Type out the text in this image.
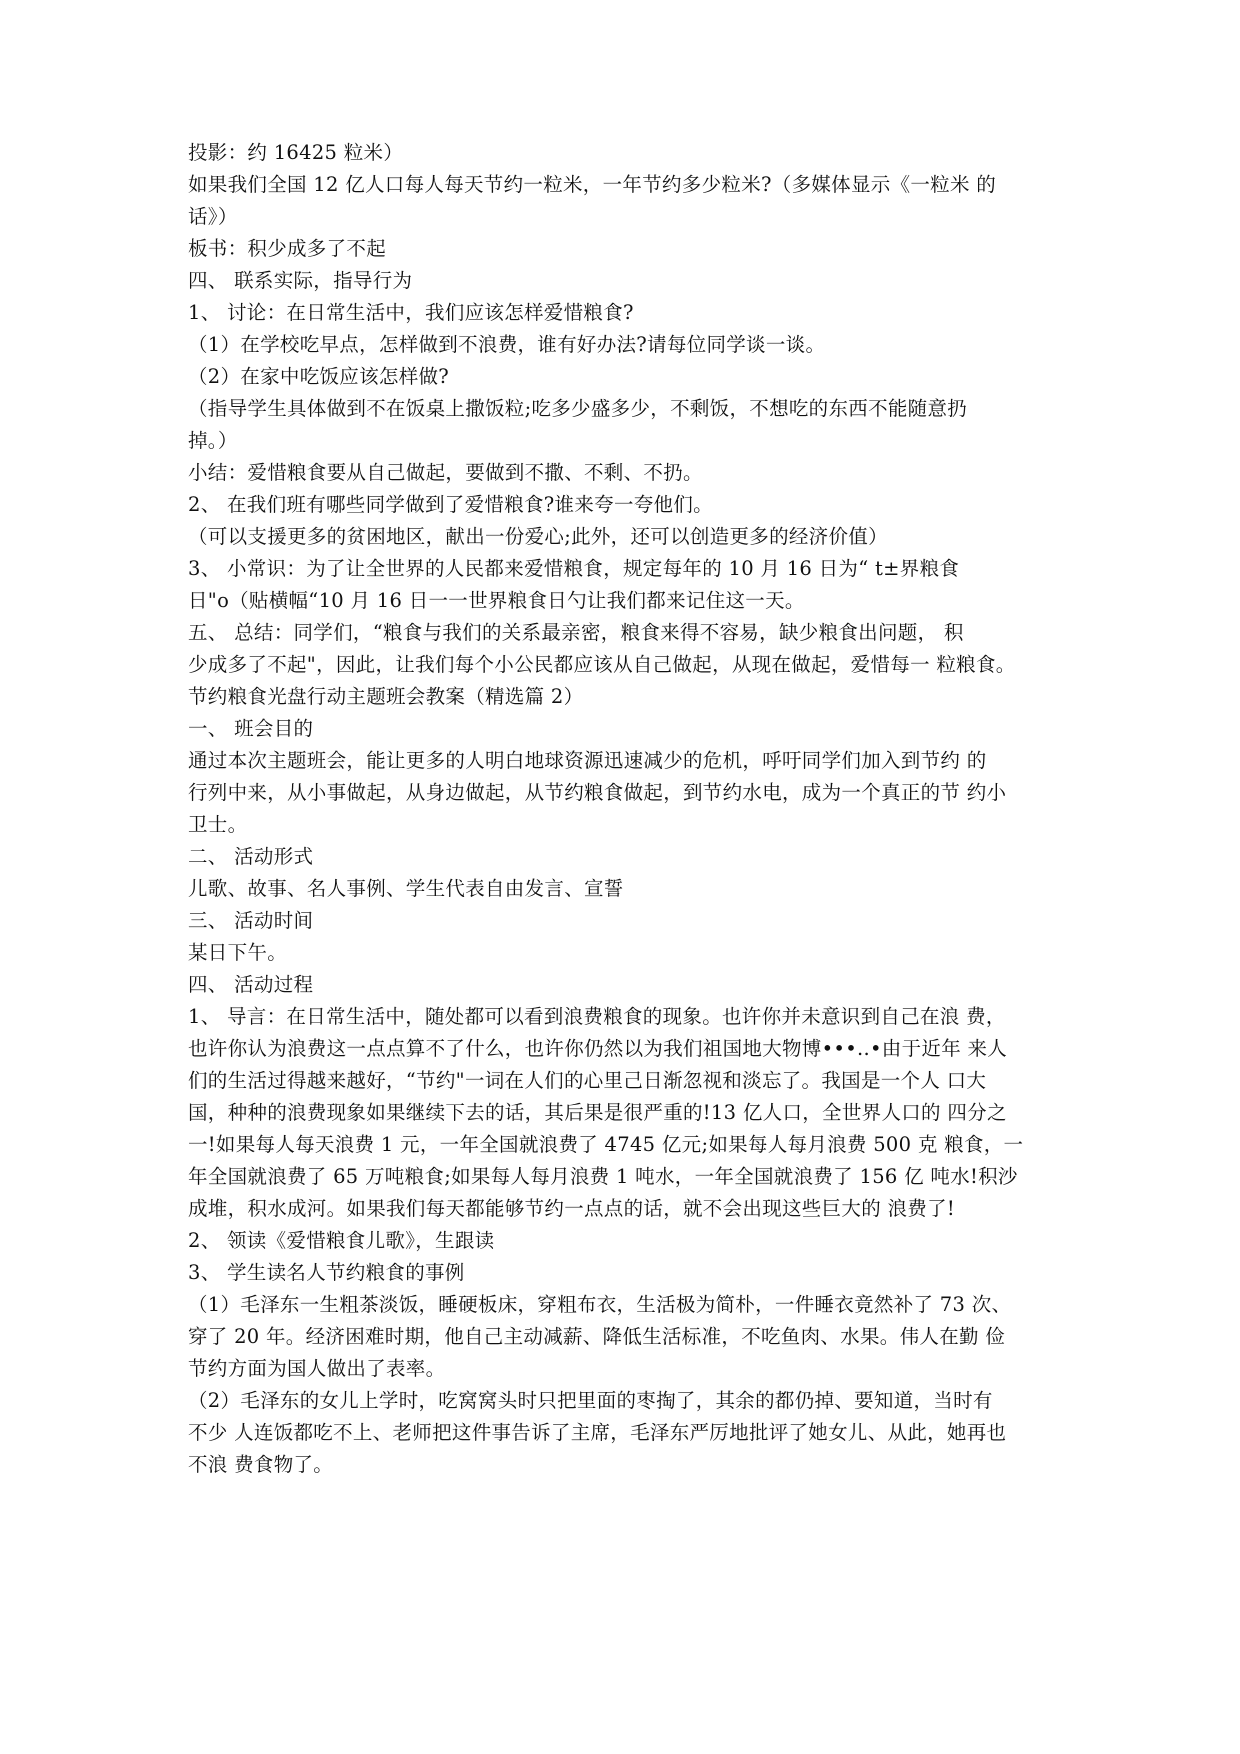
投影：约 16425 粒米）
如果我们全国 12 亿人口每人每天节约一粒米，一年节约多少粒米?（多媒体显示《一粒米 的
话》）
板书：积少成多了不起
四、 联系实际，指导行为
1、 讨论：在日常生活中，我们应该怎样爱惜粮食?
（1）在学校吃早点，怎样做到不浪费，谁有好办法?请每位同学谈一谈。
（2）在家中吃饭应该怎样做?
（指导学生具体做到不在饭桌上撒饭粒;吃多少盛多少，不剩饭，不想吃的东西不能随意扔
掉。）
小结：爱惜粮食要从自己做起，要做到不撒、不剩、不扔。
2、 在我们班有哪些同学做到了爱惜粮食?谁来夸一夸他们。
（可以支援更多的贫困地区，献出一份爱心;此外，还可以创造更多的经济价值）
3、 小常识：为了让全世界的人民都来爱惜粮食，规定每年的 10 月 16 日为“ t±界粮食
日"o（贴横幅“10 月 16 日一一世界粮食日勺让我们都来记住这一天。
五、 总结：同学们，“粮食与我们的关系最亲密，粮食来得不容易，缺少粮食出问题， 积
少成多了不起"，因此，让我们每个小公民都应该从自己做起，从现在做起，爱惜每一 粒粮食。
节约粮食光盘行动主题班会教案（精选篇 2）
一、 班会目的
通过本次主题班会，能让更多的人明白地球资源迅速减少的危机，呼吁同学们加入到节约 的
行列中来，从小事做起，从身边做起，从节约粮食做起，到节约水电，成为一个真正的节 约小
卫士。
二、 活动形式
儿歌、故事、名人事例、学生代表自由发言、宣誓
三、 活动时间
某日下午。
四、 活动过程
1、 导言：在日常生活中，随处都可以看到浪费粮食的现象。也许你并未意识到自己在浪 费，
也许你认为浪费这一点点算不了什么，也许你仍然以为我们祖国地大物博•••..•由于近年 来人
们的生活过得越来越好，“节约"一词在人们的心里己日渐忽视和淡忘了。我国是一个人 口大
国，种种的浪费现象如果继续下去的话，其后果是很严重的!13 亿人口，全世界人口的 四分之
一!如果每人每天浪费 1 元，一年全国就浪费了 4745 亿元;如果每人每月浪费 500 克 粮食，一
年全国就浪费了 65 万吨粮食;如果每人每月浪费 1 吨水，一年全国就浪费了 156 亿 吨水!积沙
成堆，积水成河。如果我们每天都能够节约一点点的话，就不会出现这些巨大的 浪费了!
2、 领读《爱惜粮食儿歌》，生跟读
3、 学生读名人节约粮食的事例
（1）毛泽东一生粗茶淡饭，睡硬板床，穿粗布衣，生活极为简朴，一件睡衣竟然补了 73 次、
穿了 20 年。经济困难时期，他自己主动减薪、降低生活标准，不吃鱼肉、水果。伟人在勤 俭
节约方面为国人做出了表率。
（2）毛泽东的女儿上学时，吃窝窝头时只把里面的枣掏了，其余的都仍掉、要知道，当时有
不少 人连饭都吃不上、老师把这件事告诉了主席，毛泽东严厉地批评了她女儿、从此，她再也
不浪 费食物了。
